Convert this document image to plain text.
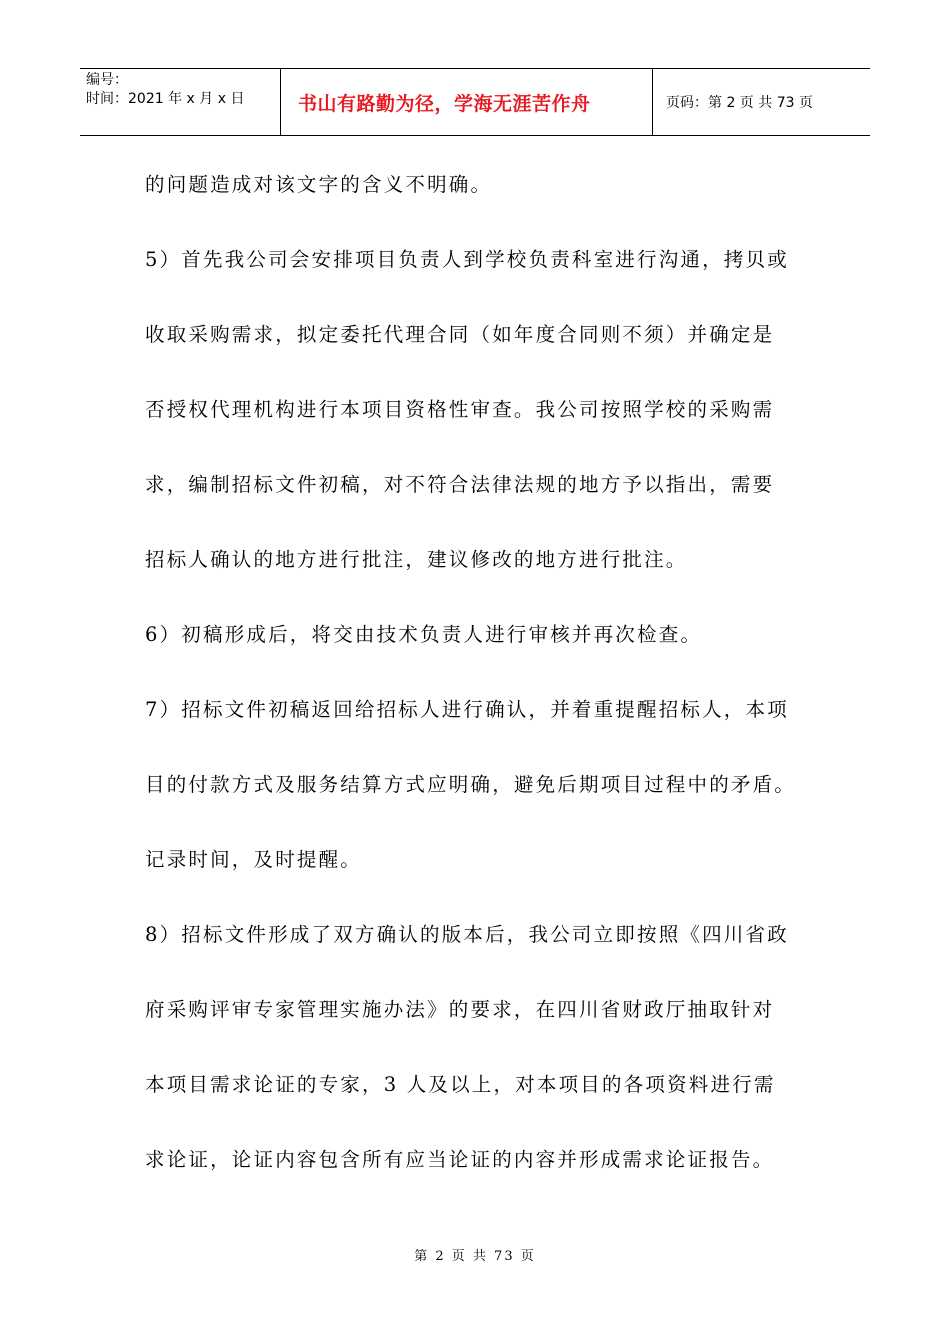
编号：
时间：2021 年 x 月 x 日	书山有路勤为径，学海无涯苦作舟	页码：第 2 页 共 73 页
的问题造成对该文字的含义不明确。
5）首先我公司会安排项目负责人到学校负责科室进行沟通，拷贝或
收取采购需求，拟定委托代理合同（如年度合同则不须）并确定是
否授权代理机构进行本项目资格性审查。我公司按照学校的采购需
求，编制招标文件初稿，对不符合法律法规的地方予以指出，需要
招标人确认的地方进行批注，建议修改的地方进行批注。
6）初稿形成后，将交由技术负责人进行审核并再次检查。
7）招标文件初稿返回给招标人进行确认，并着重提醒招标人，本项
目的付款方式及服务结算方式应明确，避免后期项目过程中的矛盾。
记录时间，及时提醒。
8）招标文件形成了双方确认的版本后，我公司立即按照《四川省政
府采购评审专家管理实施办法》的要求，在四川省财政厅抽取针对
本项目需求论证的专家，3 人及以上，对本项目的各项资料进行需
求论证，论证内容包含所有应当论证的内容并形成需求论证报告。
第 2 页 共 73 页
